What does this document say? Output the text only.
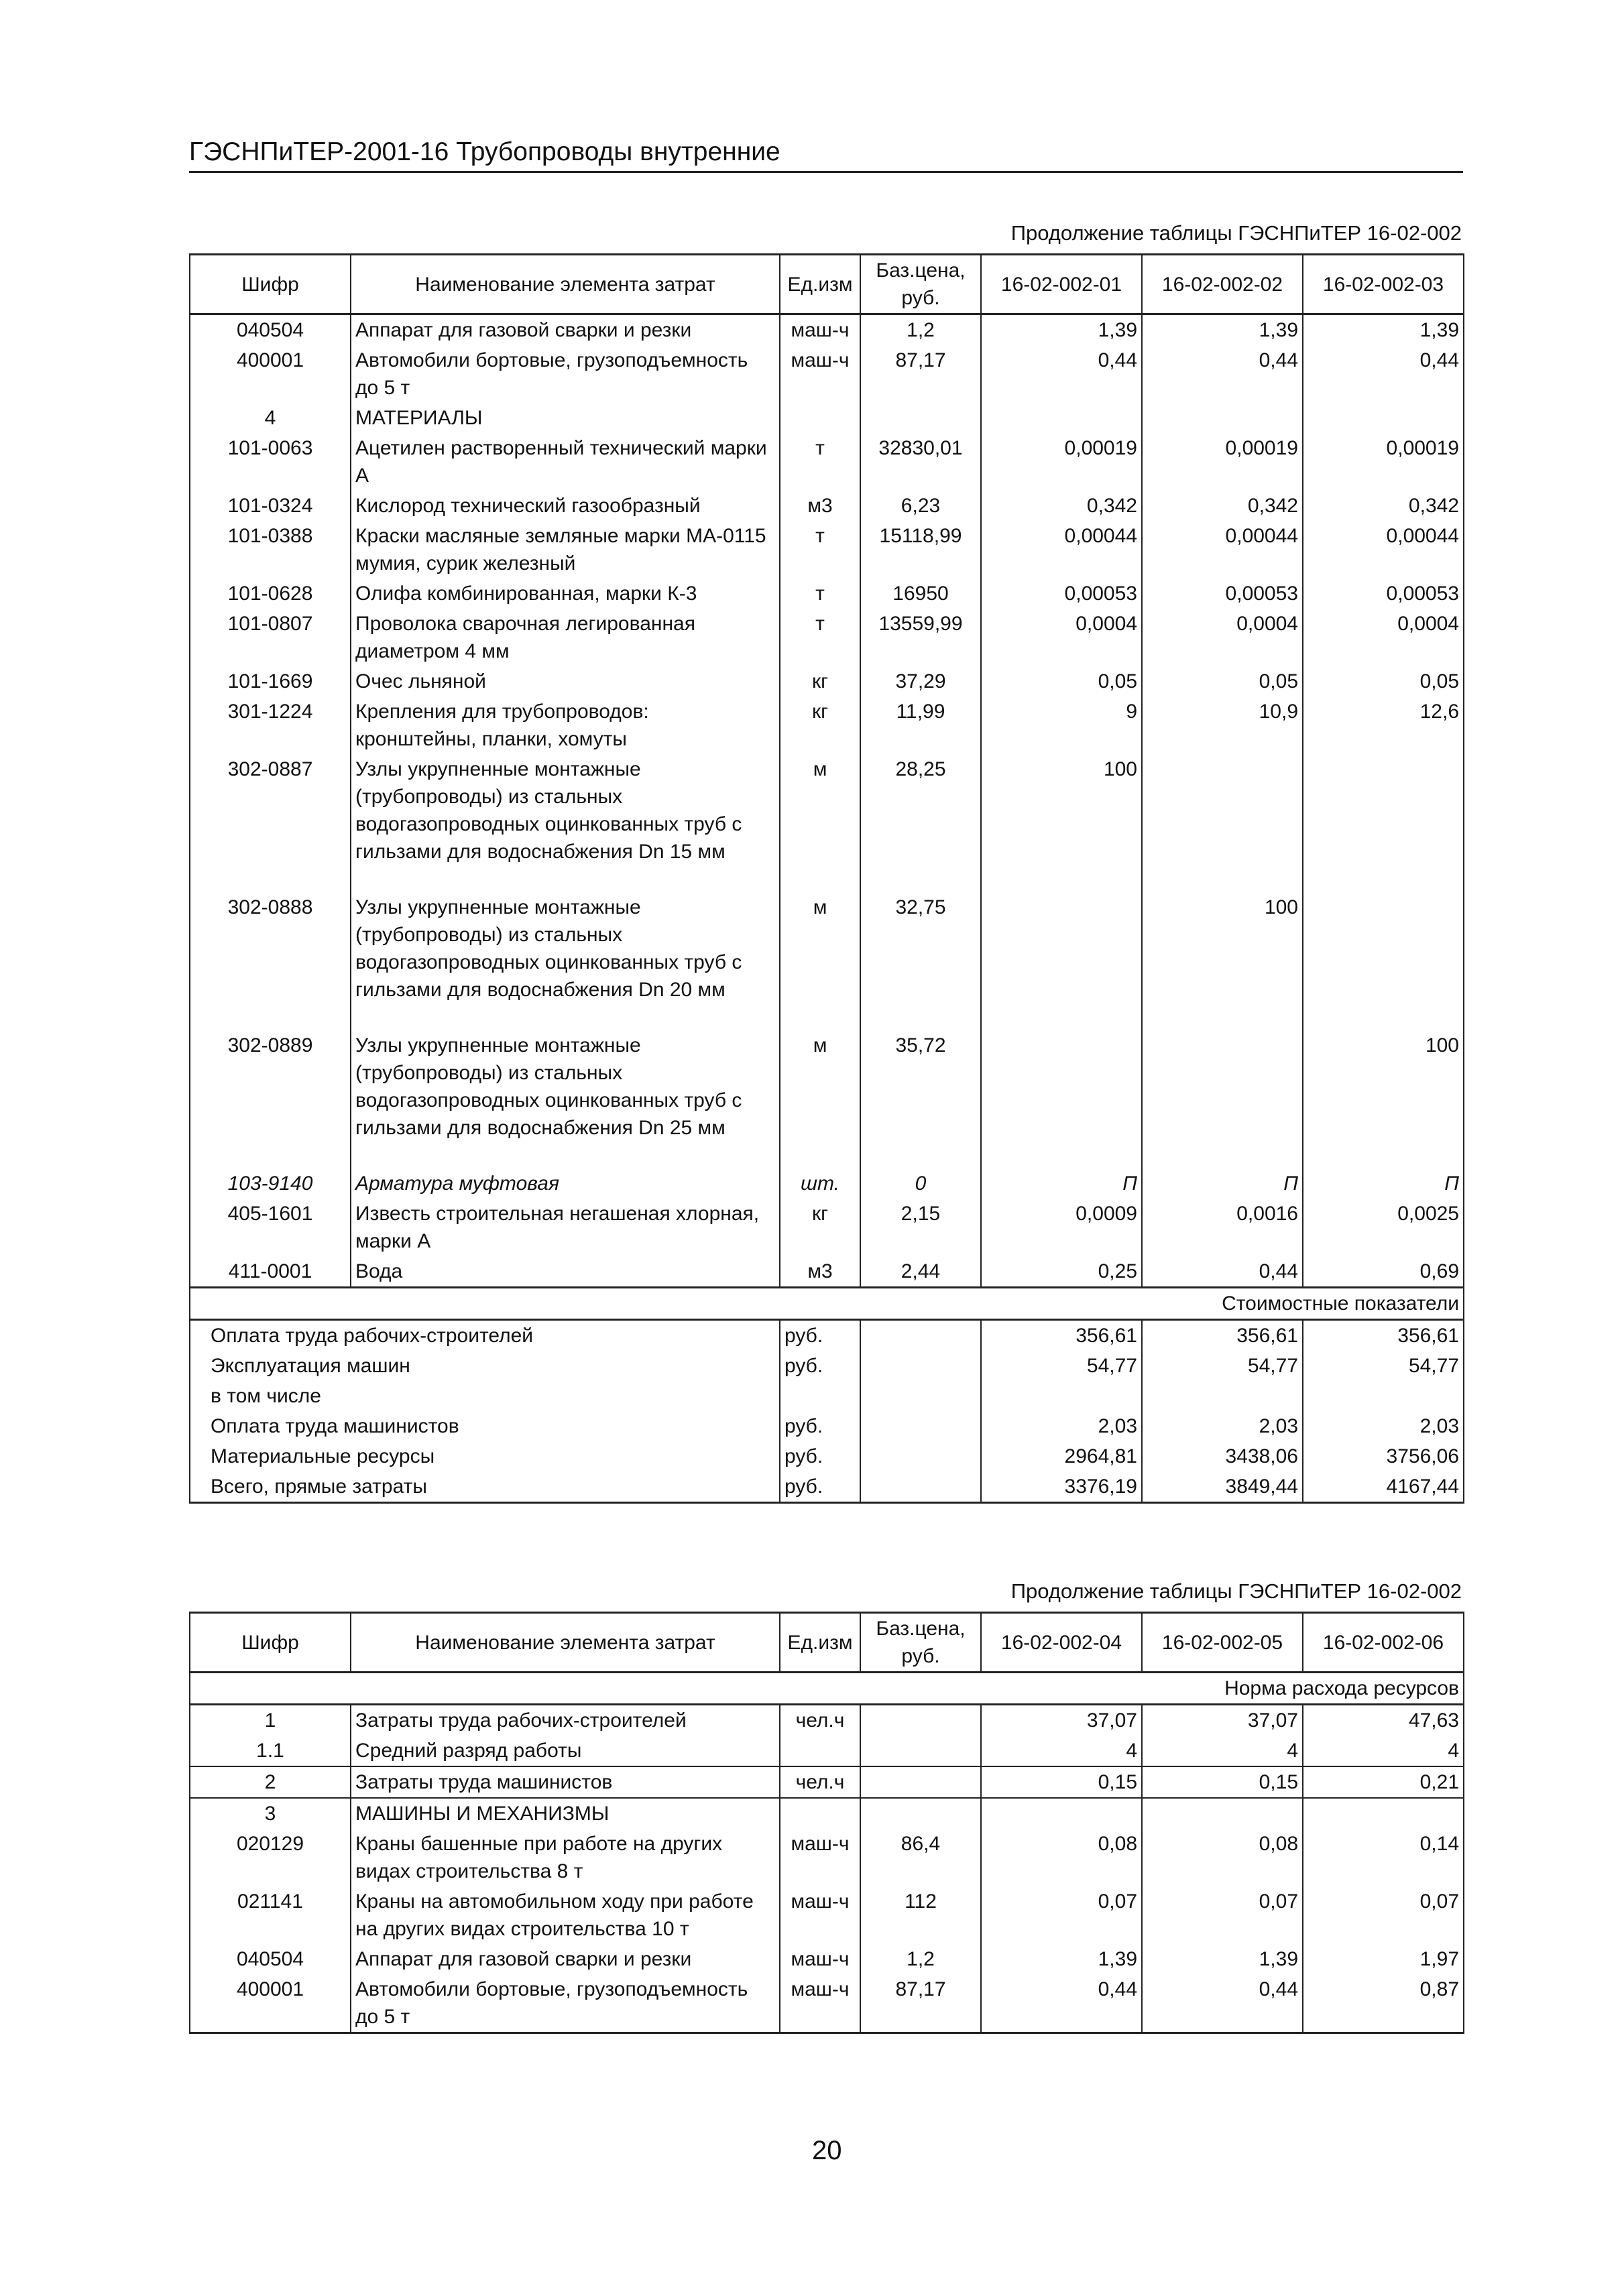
ГЭСНПиТЕР-2001-16 Трубопроводы внутренние
Продолжение таблицы ГЭСНПиТЕР 16-02-002
Шифр	Наименование элемента затрат	Ед.изм	Баз.цена, руб.	16-02-002-01	16-02-002-02	16-02-002-03
040504	Аппарат для газовой сварки и резки	маш-ч	1,2	1,39	1,39	1,39
400001	Автомобили бортовые, грузоподъемность до 5 т	маш-ч	87,17	0,44	0,44	0,44
4	МАТЕРИАЛЫ					
101-0063	Ацетилен растворенный технический марки А	т	32830,01	0,00019	0,00019	0,00019
101-0324	Кислород технический газообразный	м3	6,23	0,342	0,342	0,342
101-0388	Краски масляные земляные марки МА-0115 мумия, сурик железный	т	15118,99	0,00044	0,00044	0,00044
101-0628	Олифа комбинированная, марки К-3	т	16950	0,00053	0,00053	0,00053
101-0807	Проволока сварочная легированная диаметром 4 мм	т	13559,99	0,0004	0,0004	0,0004
101-1669	Очес льняной	кг	37,29	0,05	0,05	0,05
301-1224	Крепления для трубопроводов: кронштейны, планки, хомуты	кг	11,99	9	10,9	12,6
302-0887	Узлы укрупненные монтажные (трубопроводы) из стальных водогазопроводных оцинкованных труб с гильзами для водоснабжения Dn 15 мм	м	28,25	100		
302-0888	Узлы укрупненные монтажные (трубопроводы) из стальных водогазопроводных оцинкованных труб с гильзами для водоснабжения Dn 20 мм	м	32,75		100	
302-0889	Узлы укрупненные монтажные (трубопроводы) из стальных водогазопроводных оцинкованных труб с гильзами для водоснабжения Dn 25 мм	м	35,72			100
103-9140	Арматура муфтовая	шт.	0	П	П	П
405-1601	Известь строительная негашеная хлорная, марки А	кг	2,15	0,0009	0,0016	0,0025
411-0001	Вода	м3	2,44	0,25	0,44	0,69
Стоимостные показатели						
Оплата труда рабочих-строителей		руб.		356,61	356,61	356,61
Эксплуатация машин		руб.		54,77	54,77	54,77
в том числе						
Оплата труда машинистов		руб.		2,03	2,03	2,03
Материальные ресурсы		руб.		2964,81	3438,06	3756,06
Всего, прямые затраты		руб.		3376,19	3849,44	4167,44
Продолжение таблицы ГЭСНПиТЕР 16-02-002
Шифр	Наименование элемента затрат	Ед.изм	Баз.цена, руб.	16-02-002-04	16-02-002-05	16-02-002-06
Норма расхода ресурсов						
1	Затраты труда рабочих-строителей	чел.ч		37,07	37,07	47,63
1.1	Средний разряд работы			4	4	4
2	Затраты труда машинистов	чел.ч		0,15	0,15	0,21
3	МАШИНЫ И МЕХАНИЗМЫ					
020129	Краны башенные при работе на других видах строительства 8 т	маш-ч	86,4	0,08	0,08	0,14
021141	Краны на автомобильном ходу при работе на других видах строительства 10 т	маш-ч	112	0,07	0,07	0,07
040504	Аппарат для газовой сварки и резки	маш-ч	1,2	1,39	1,39	1,97
400001	Автомобили бортовые, грузоподъемность до 5 т	маш-ч	87,17	0,44	0,44	0,87
20
